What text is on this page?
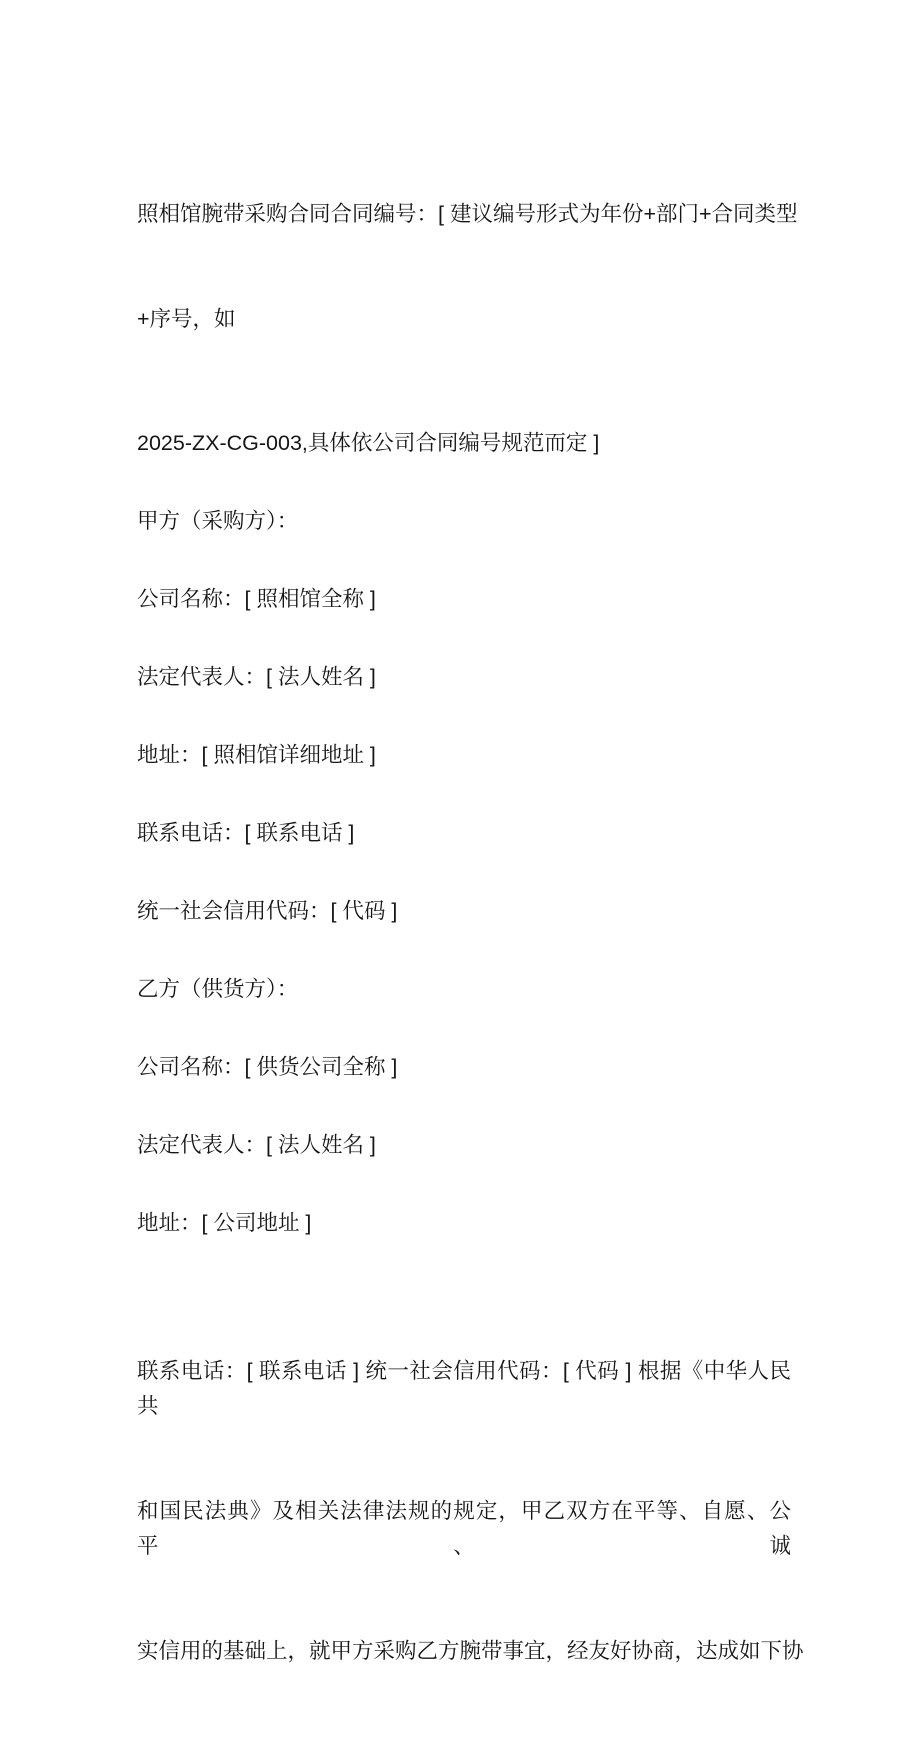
照相馆腕带采购合同合同编号：[ 建议编号形式为年份+部门+合同类型

+序号，如

2025-ZX-CG-003,具体依公司合同编号规范而定 ]
甲方（采购方）：
公司名称：[ 照相馆全称 ]
法定代表人：[ 法人姓名 ]
地址：[ 照相馆详细地址 ]
联系电话：[ 联系电话 ]
统一社会信用代码：[ 代码 ]
乙方（供货方）：
公司名称：[ 供货公司全称 ]
法定代表人：[ 法人姓名 ]
地址：[ 公司地址 ]

联系电话：[ 联系电话 ] 统一社会信用代码：[ 代码 ] 根据《中华人民共

和国民法典》及相关法律法规的规定，甲乙双方在平等、自愿、公平、诚

实信用的基础上，就甲方采购乙方腕带事宜，经友好协商，达成如下协
